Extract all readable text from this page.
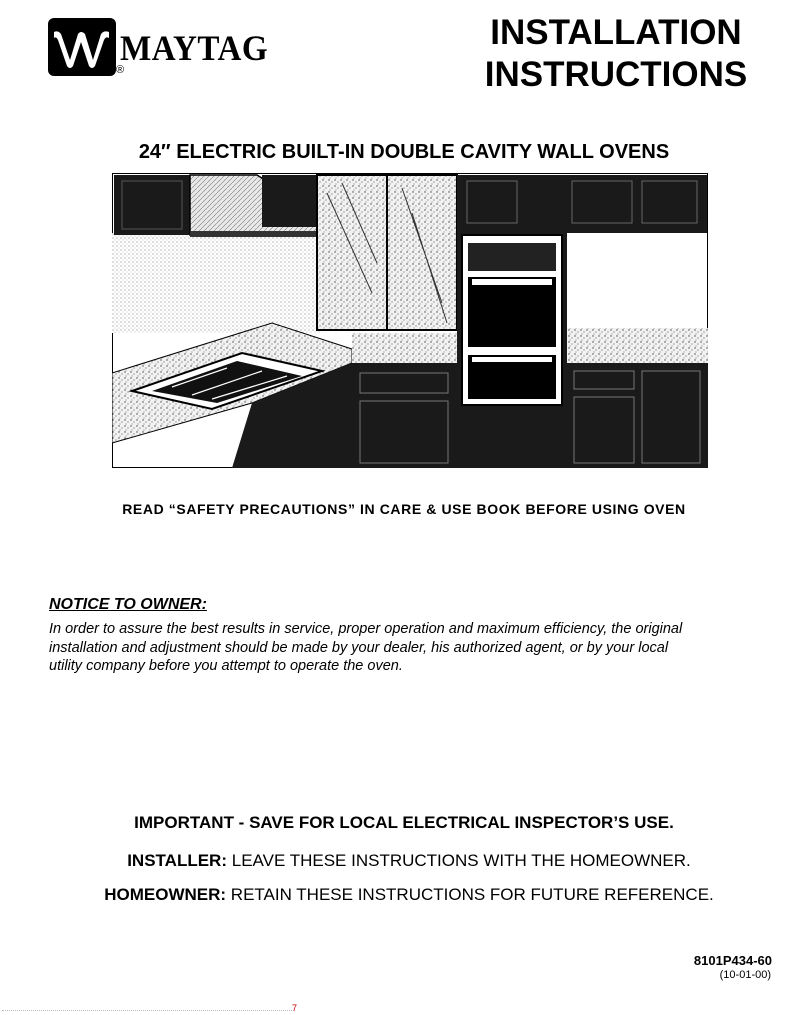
MAYTAG
®
INSTALLATION
INSTRUCTIONS
24″ ELECTRIC BUILT-IN DOUBLE CAVITY WALL OVENS
READ “SAFETY PRECAUTIONS” IN CARE & USE BOOK BEFORE USING OVEN
NOTICE TO OWNER:
In order to assure the best results in service, proper operation and maximum efficiency, the original
installation and adjustment should be made by your dealer, his authorized agent, or by your local
utility company before you attempt to operate the oven.
IMPORTANT - SAVE FOR LOCAL ELECTRICAL INSPECTOR’S USE.
INSTALLER: LEAVE THESE INSTRUCTIONS WITH THE HOMEOWNER.
HOMEOWNER: RETAIN THESE INSTRUCTIONS FOR FUTURE REFERENCE.
8101P434-60
(10-01-00)
7
